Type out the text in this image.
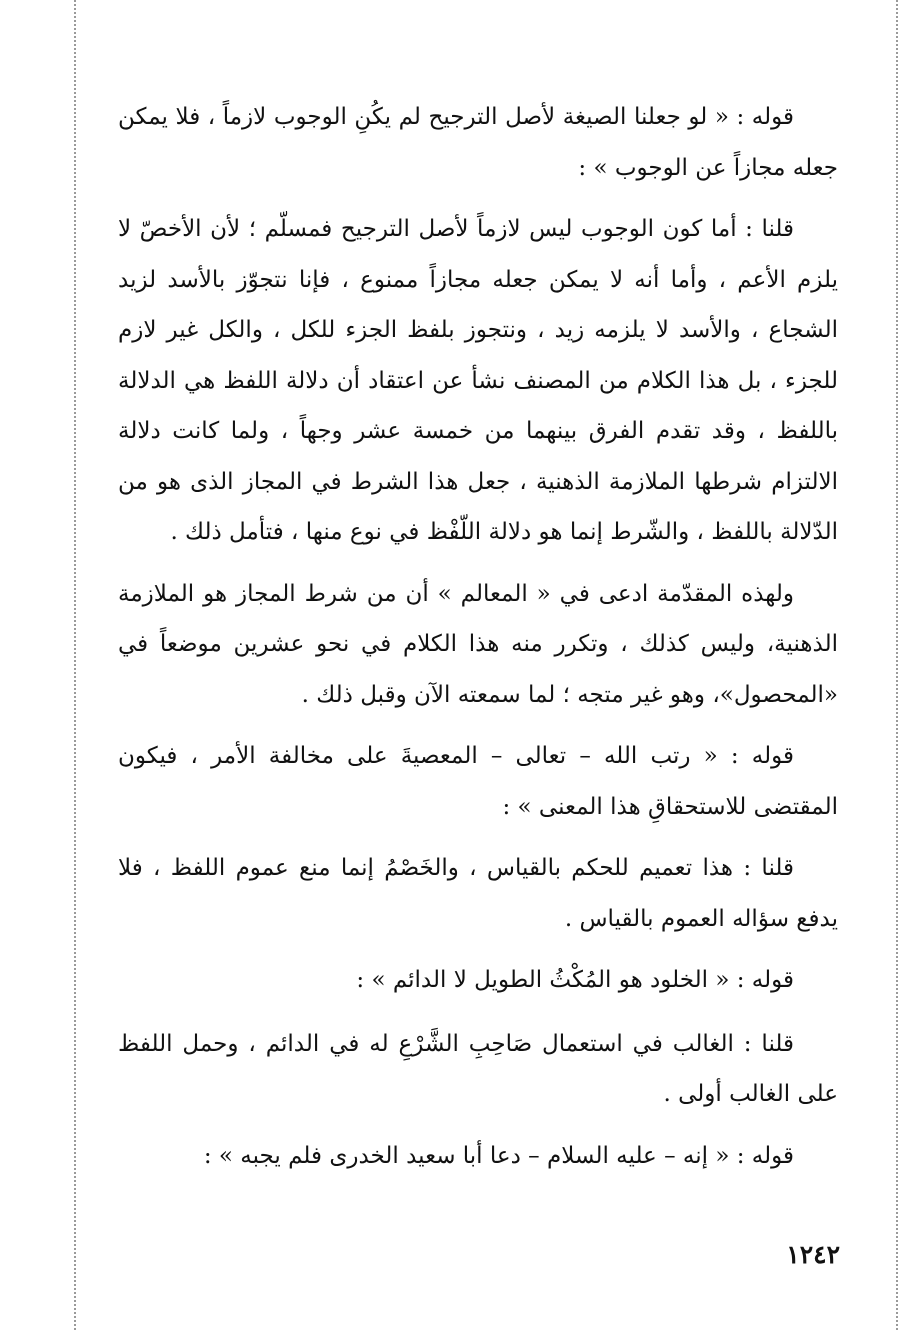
قوله : « لو جعلنا الصيغة لأصل الترجيح لم يكُنِ الوجوب لازماً ، فلا يمكن جعله مجازاً عن الوجوب » :

قلنا : أما كون الوجوب ليس لازماً لأصل الترجيح فمسلّم ؛ لأن الأخصّ لا يلزم الأعم ، وأما أنه لا يمكن جعله مجازاً ممنوع ، فإنا نتجوّز بالأسد لزيد الشجاع ، والأسد لا يلزمه زيد ، ونتجوز بلفظ الجزء للكل ، والكل غير لازم للجزء ، بل هذا الكلام من المصنف نشأ عن اعتقاد أن دلالة اللفظ هي الدلالة باللفظ ، وقد تقدم الفرق بينهما من خمسة عشر وجهاً ، ولما كانت دلالة الالتزام شرطها الملازمة الذهنية ، جعل هذا الشرط في المجاز الذى هو من الدّلالة باللفظ ، والشّرط إنما هو دلالة اللّفْظ في نوع منها ، فتأمل ذلك .

ولهذه المقدّمة ادعى في « المعالم » أن من شرط المجاز هو الملازمة الذهنية، وليس كذلك ، وتكرر منه هذا الكلام في نحو عشرين موضعاً في «المحصول»، وهو غير متجه ؛ لما سمعته الآن وقبل ذلك .

قوله : « رتب الله – تعالى – المعصيةَ على مخالفة الأمر ، فيكون المقتضى للاستحقاقِ هذا المعنى » :

قلنا : هذا تعميم للحكم بالقياس ، والخَصْمُ إنما منع عموم اللفظ ، فلا يدفع سؤاله العموم بالقياس .

قوله : « الخلود هو المُكْثُ الطويل لا الدائم » :

قلنا : الغالب في استعمال صَاحِبِ الشَّرْعِ له في الدائم ، وحمل اللفظ على الغالب أولى .

قوله : « إنه – عليه السلام – دعا أبا سعيد الخدرى فلم يجبه » :

١٢٤٢
